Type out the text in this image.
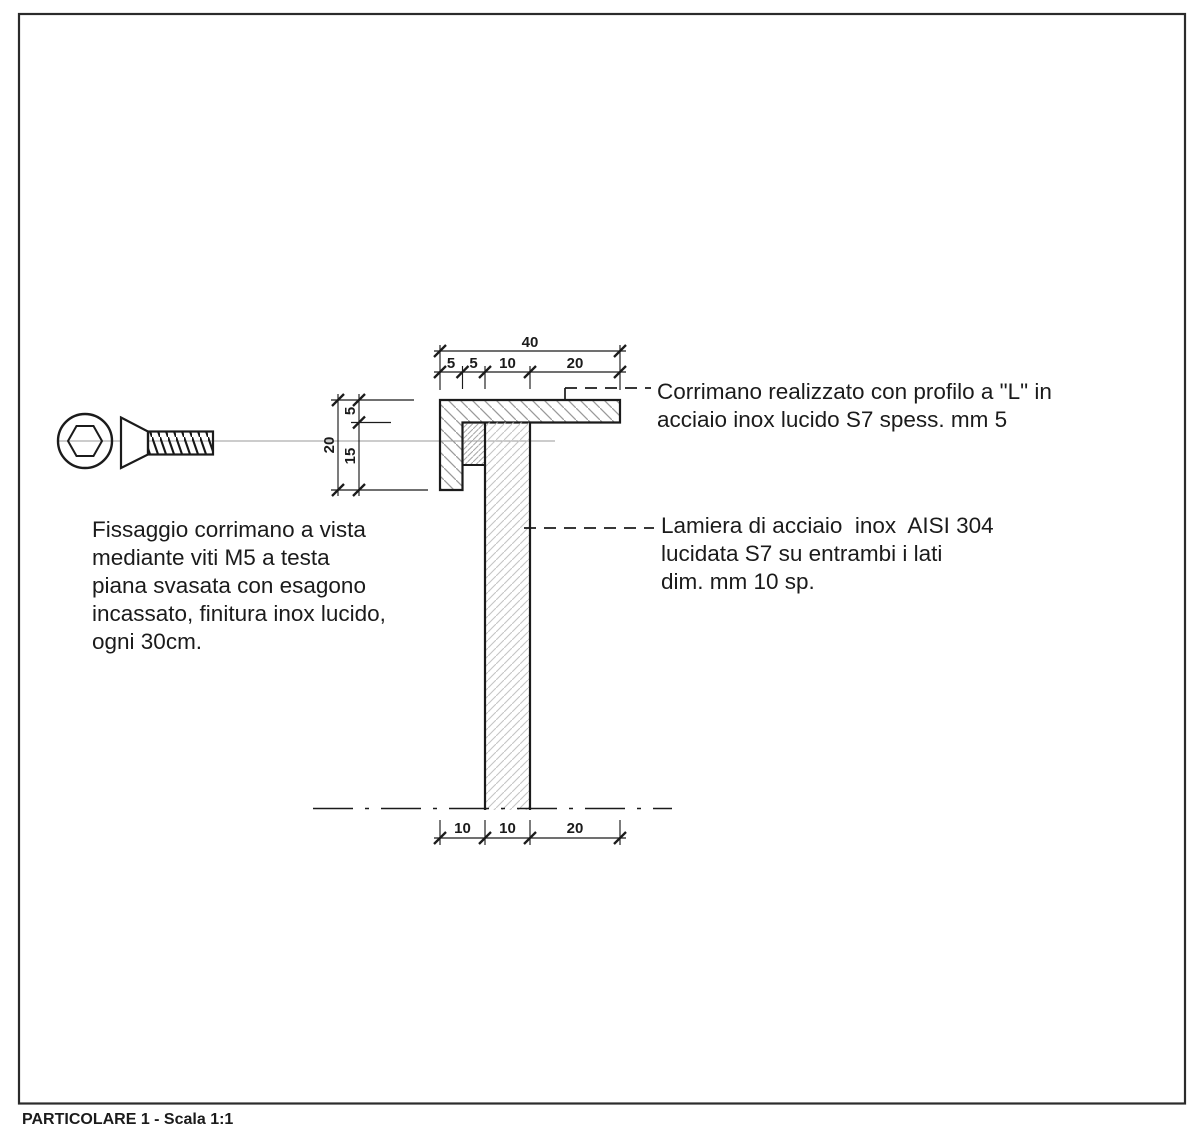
40
5 5 10	20
20
5
15
10 10	20
Corrimano realizzato con profilo a "L" in
acciaio inox lucido S7 spess. mm 5
Lamiera di acciaio  inox  AISI 304
lucidata S7 su entrambi i lati
dim. mm 10 sp.
Fissaggio corrimano a vista
mediante viti M5 a testa
piana svasata con esagono
incassato, finitura inox lucido,
ogni 30cm.
PARTICOLARE 1 - Scala 1:1
